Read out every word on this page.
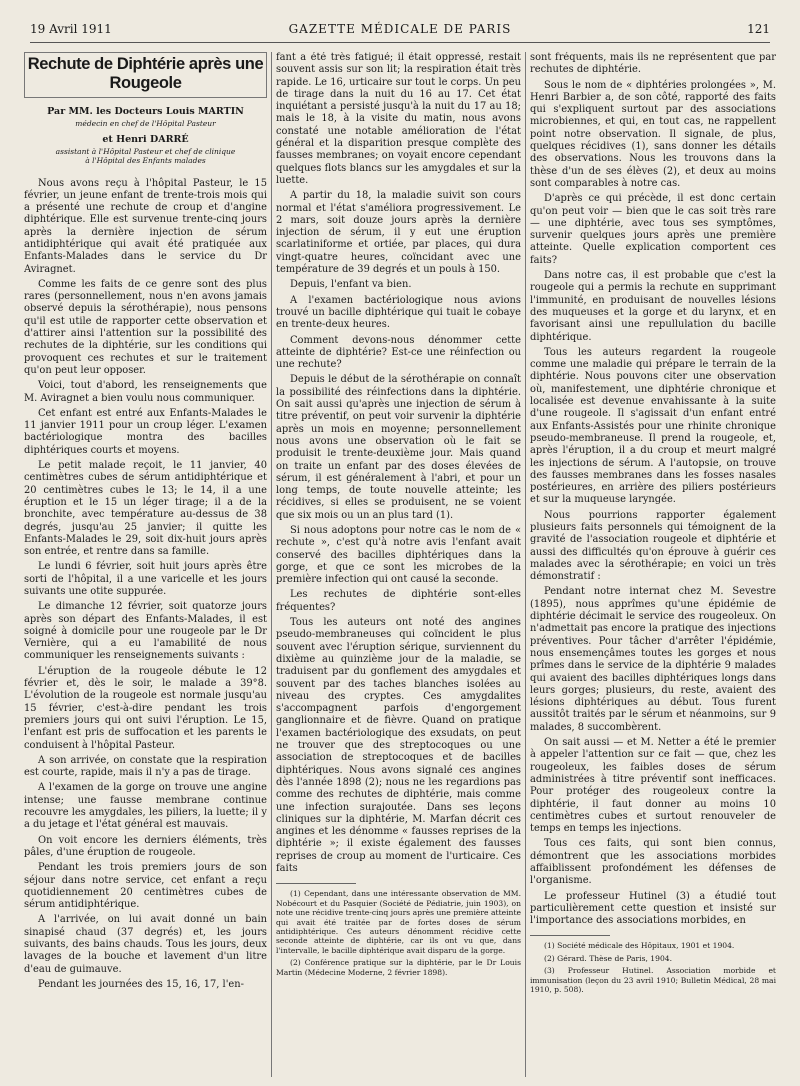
19 Avril 1911	GAZETTE MÉDICALE DE PARIS	121
Rechute de Diphtérie après une Rougeole
Par MM. les Docteurs Louis MARTIN
médecin en chef de l'Hôpital Pasteur
et Henri DARRÉ
assistant à l'Hôpital Pasteur et chef de clinique
à l'Hôpital des Enfants malades

Nous avons reçu à l'hôpital Pasteur, le 15 février, un jeune enfant de trente-trois mois qui a présenté une rechute de croup et d'angine diphtérique. Elle est survenue trente-cinq jours après la dernière injection de sérum antidiphtérique qui avait été pratiquée aux Enfants-Malades dans le service du Dr Aviragnet.

Comme les faits de ce genre sont des plus rares (personnellement, nous n'en avons jamais observé depuis la sérothérapie), nous pensons qu'il est utile de rapporter cette observation et d'attirer ainsi l'attention sur la possibilité des rechutes de la diphtérie, sur les conditions qui provoquent ces rechutes et sur le traitement qu'on peut leur opposer.

Voici, tout d'abord, les renseignements que M. Aviragnet a bien voulu nous communiquer.

Cet enfant est entré aux Enfants-Malades le 11 janvier 1911 pour un croup léger. L'examen bactériologique montra des bacilles diphtériques courts et moyens.

Le petit malade reçoit, le 11 janvier, 40 centimètres cubes de sérum antidiphtérique et 20 centimètres cubes le 13; le 14, il a une éruption et le 15 un léger tirage; il a de la bronchite, avec température au-dessus de 38 degrés, jusqu'au 25 janvier; il quitte les Enfants-Malades le 29, soit dix-huit jours après son entrée, et rentre dans sa famille.

Le lundi 6 février, soit huit jours après être sorti de l'hôpital, il a une varicelle et les jours suivants une otite suppurée.

Le dimanche 12 février, soit quatorze jours après son départ des Enfants-Malades, il est soigné à domicile pour une rougeole par le Dr Vernière, qui a eu l'amabilité de nous communiquer les renseignements suivants :

L'éruption de la rougeole débute le 12 février et, dès le soir, le malade a 39°8. L'évolution de la rougeole est normale jusqu'au 15 février, c'est-à-dire pendant les trois premiers jours qui ont suivi l'éruption. Le 15, l'enfant est pris de suffocation et les parents le conduisent à l'hôpital Pasteur.

A son arrivée, on constate que la respiration est courte, rapide, mais il n'y a pas de tirage.

A l'examen de la gorge on trouve une angine intense; une fausse membrane continue recouvre les amygdales, les piliers, la luette; il y a du jetage et l'état général est mauvais.

On voit encore les derniers éléments, très pâles, d'une éruption de rougeole.

Pendant les trois premiers jours de son séjour dans notre service, cet enfant a reçu quotidiennement 20 centimètres cubes de sérum antidiphtérique.

A l'arrivée, on lui avait donné un bain sinapisé chaud (37 degrés) et, les jours suivants, des bains chauds. Tous les jours, deux lavages de la bouche et lavement d'un litre d'eau de guimauve.

Pendant les journées des 15, 16, 17, l'en-

fant a été très fatigué; il était oppressé, restait souvent assis sur son lit; la respiration était très rapide. Le 16, urticaire sur tout le corps. Un peu de tirage dans la nuit du 16 au 17. Cet état inquiétant a persisté jusqu'à la nuit du 17 au 18; mais le 18, à la visite du matin, nous avons constaté une notable amélioration de l'état général et la disparition presque complète des fausses membranes; on voyait encore cependant quelques flots blancs sur les amygdales et sur la luette.

A partir du 18, la maladie suivit son cours normal et l'état s'améliora progressivement. Le 2 mars, soit douze jours après la dernière injection de sérum, il y eut une éruption scarlatiniforme et ortiée, par places, qui dura vingt-quatre heures, coïncidant avec une température de 39 degrés et un pouls à 150.

Depuis, l'enfant va bien.

A l'examen bactériologique nous avions trouvé un bacille diphtérique qui tuait le cobaye en trente-deux heures.

Comment devons-nous dénommer cette atteinte de diphtérie? Est-ce une réinfection ou une rechute?

Depuis le début de la sérothérapie on connaît la possibilité des réinfections dans la diphtérie. On sait aussi qu'après une injection de sérum à titre préventif, on peut voir survenir la diphtérie après un mois en moyenne; personnellement nous avons une observation où le fait se produisit le trente-deuxième jour. Mais quand on traite un enfant par des doses élevées de sérum, il est généralement à l'abri, et pour un long temps, de toute nouvelle atteinte; les récidives, si elles se produisent, ne se voient que six mois ou un an plus tard (1).

Si nous adoptons pour notre cas le nom de « rechute », c'est qu'à notre avis l'enfant avait conservé des bacilles diphtériques dans la gorge, et que ce sont les microbes de la première infection qui ont causé la seconde.

Les rechutes de diphtérie sont-elles fréquentes?

Tous les auteurs ont noté des angines pseudo-membraneuses qui coïncident le plus souvent avec l'éruption sérique, surviennent du dixième au quinzième jour de la maladie, se traduisent par du gonflement des amygdales et souvent par des taches blanches isolées au niveau des cryptes. Ces amygdalites s'accompagnent parfois d'engorgement ganglionnaire et de fièvre. Quand on pratique l'examen bactériologique des exsudats, on peut ne trouver que des streptocoques ou une association de streptocoques et de bacilles diphtériques. Nous avons signalé ces angines dès l'année 1898 (2); nous ne les regardions pas comme des rechutes de diphtérie, mais comme une infection surajoutée. Dans ses leçons cliniques sur la diphtérie, M. Marfan décrit ces angines et les dénomme « fausses reprises de la diphtérie »; il existe également des fausses reprises de croup au moment de l'urticaire. Ces faits

(1) Cependant, dans une intéressante observation de MM. Nobécourt et du Pasquier (Société de Pédiatrie, juin 1903), on note une récidive trente-cinq jours après une première atteinte qui avait été traitée par de fortes doses de sérum antidiphtérique. Ces auteurs dénomment récidive cette seconde atteinte de diphtérie, car ils ont vu que, dans l'intervalle, le bacille diphtérique avait disparu de la gorge.

(2) Conférence pratique sur la diphtérie, par le Dr Louis Martin (Médecine Moderne, 2 février 1898).

sont fréquents, mais ils ne représentent que par rechutes de diphtérie.

Sous le nom de « diphtéries prolongées », M. Henri Barbier a, de son côté, rapporté des faits qui s'expliquent surtout par des associations microbiennes, et qui, en tout cas, ne rappellent point notre observation. Il signale, de plus, quelques récidives (1), sans donner les détails des observations. Nous les trouvons dans la thèse d'un de ses élèves (2), et deux au moins sont comparables à notre cas.

D'après ce qui précède, il est donc certain qu'on peut voir — bien que le cas soit très rare — une diphtérie, avec tous ses symptômes, survenir quelques jours après une première atteinte. Quelle explication comportent ces faits?

Dans notre cas, il est probable que c'est la rougeole qui a permis la rechute en supprimant l'immunité, en produisant de nouvelles lésions des muqueuses et la gorge et du larynx, et en favorisant ainsi une repullulation du bacille diphtérique.

Tous les auteurs regardent la rougeole comme une maladie qui prépare le terrain de la diphtérie. Nous pouvons citer une observation où, manifestement, une diphtérie chronique et localisée est devenue envahissante à la suite d'une rougeole. Il s'agissait d'un enfant entré aux Enfants-Assistés pour une rhinite chronique pseudo-membraneuse. Il prend la rougeole, et, après l'éruption, il a du croup et meurt malgré les injections de sérum. A l'autopsie, on trouve des fausses membranes dans les fosses nasales postérieures, en arrière des piliers postérieurs et sur la muqueuse laryngée.

Nous pourrions rapporter également plusieurs faits personnels qui témoignent de la gravité de l'association rougeole et diphtérie et aussi des difficultés qu'on éprouve à guérir ces malades avec la sérothérapie; en voici un très démonstratif :

Pendant notre internat chez M. Sevestre (1895), nous apprîmes qu'une épidémie de diphtérie décimait le service des rougeoleux. On n'admettait pas encore la pratique des injections préventives. Pour tâcher d'arrêter l'épidémie, nous ensemençâmes toutes les gorges et nous prîmes dans le service de la diphtérie 9 malades qui avaient des bacilles diphtériques longs dans leurs gorges; plusieurs, du reste, avaient des lésions diphtériques au début. Tous furent aussitôt traités par le sérum et néanmoins, sur 9 malades, 8 succombèrent.

On sait aussi — et M. Netter a été le premier à appeler l'attention sur ce fait — que, chez les rougeoleux, les faibles doses de sérum administrées à titre préventif sont inefficaces. Pour protéger des rougeoleux contre la diphtérie, il faut donner au moins 10 centimètres cubes et surtout renouveler de temps en temps les injections.

Tous ces faits, qui sont bien connus, démontrent que les associations morbides affaiblissent profondément les défenses de l'organisme.

Le professeur Hutinel (3) a étudié tout particulièrement cette question et insisté sur l'importance des associations morbides, en

(1) Société médicale des Hôpitaux, 1901 et 1904.

(2) Gérard. Thèse de Paris, 1904.

(3) Professeur Hutinel. Association morbide et immunisation (leçon du 23 avril 1910; Bulletin Médical, 28 mai 1910, p. 508).
